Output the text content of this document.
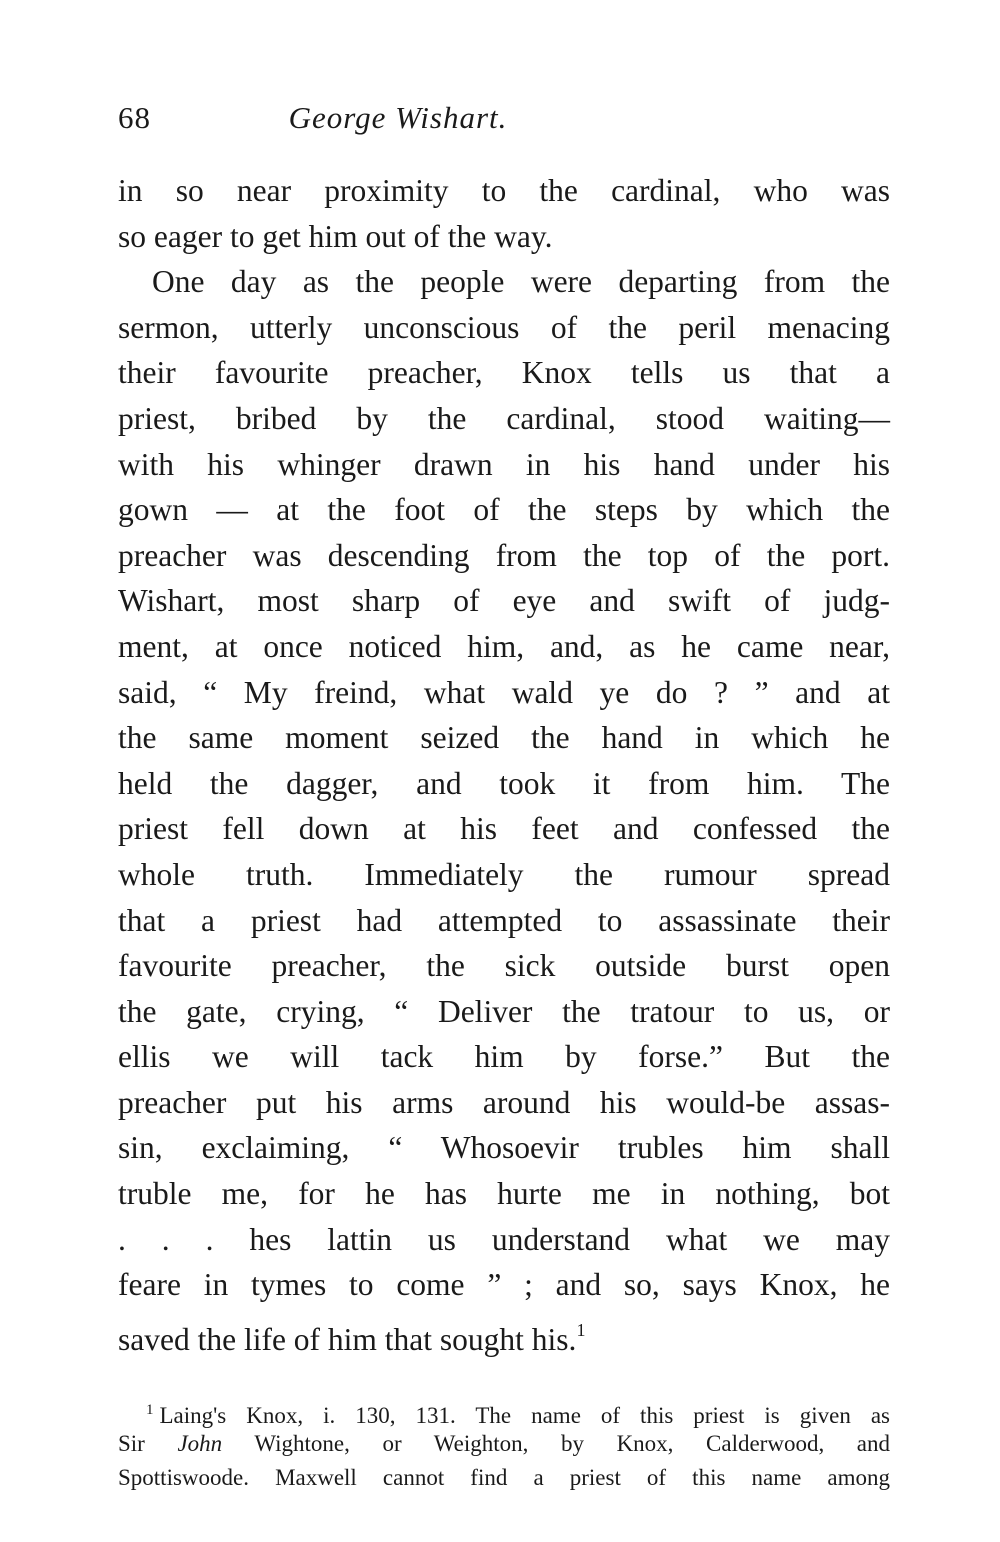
68	George Wishart.
in so near proximity to the cardinal, who was
so eager to get him out of the way.
One day as the people were departing from the
sermon, utterly unconscious of the peril menacing
their favourite preacher, Knox tells us that a
priest, bribed by the cardinal, stood waiting—
with his whinger drawn in his hand under his
gown — at the foot of the steps by which the
preacher was descending from the top of the port.
Wishart, most sharp of eye and swift of judg-
ment, at once noticed him, and, as he came near,
said, “ My freind, what wald ye do ? ” and at
the same moment seized the hand in which he
held the dagger, and took it from him. The
priest fell down at his feet and confessed the
whole truth. Immediately the rumour spread
that a priest had attempted to assassinate their
favourite preacher, the sick outside burst open
the gate, crying, “ Deliver the tratour to us, or
ellis we will tack him by forse.” But the
preacher put his arms around his would-be assas-
sin, exclaiming, “ Whosoevir trubles him shall
truble me, for he has hurte me in nothing, bot
. . . hes lattin us understand what we may
feare in tymes to come ” ; and so, says Knox, he
saved the life of him that sought his.$^1$
$^1$ Laing's Knox, i. 130, 131. The name of this priest is given as
Sir John Wightone, or Weighton, by Knox, Calderwood, and
Spottiswoode. Maxwell cannot find a priest of this name among
